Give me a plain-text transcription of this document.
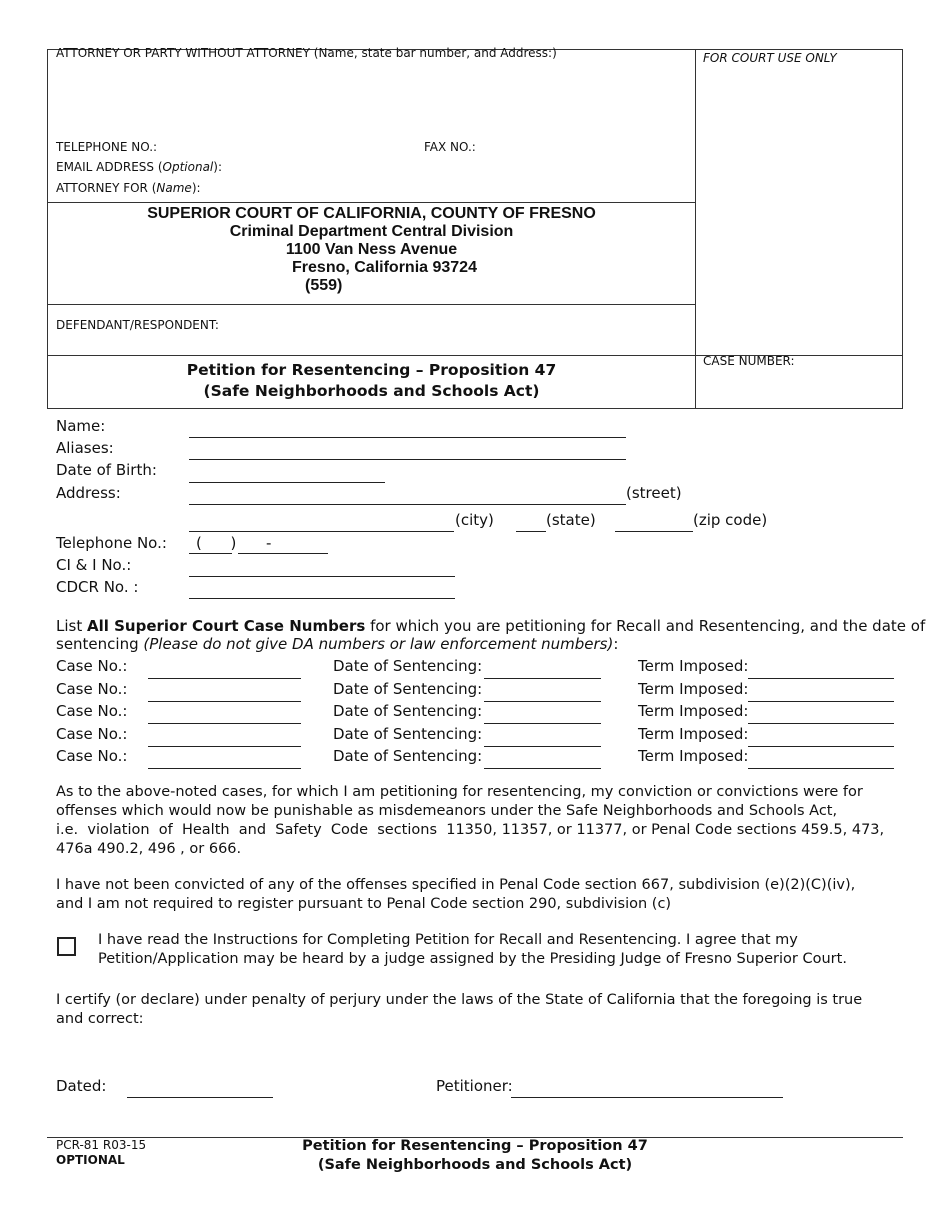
ATTORNEY OR PARTY WITHOUT ATTORNEY (Name, state bar number, and Address:)	FOR COURT USE ONLY
TELEPHONE NO.:	FAX NO.:
EMAIL ADDRESS (Optional):
ATTORNEY FOR (Name):
SUPERIOR COURT OF CALIFORNIA, COUNTY OF FRESNO
Criminal Department Central Division
1100 Van Ness Avenue
Fresno, California 93724
(559)
DEFENDANT/RESPONDENT:
Petition for Resentencing – Proposition 47
(Safe Neighborhoods and Schools Act)
CASE NUMBER:
Name:
Aliases:
Date of Birth:
Address:	(street)
(city)	(state)	(zip code)
Telephone No.: (      ) -
CI & I No.:
CDCR No. :
List All Superior Court Case Numbers for which you are petitioning for Recall and Resentencing, and the date of
sentencing (Please do not give DA numbers or law enforcement numbers):
Case No.:	Date of Sentencing:	Term Imposed:
Case No.:	Date of Sentencing:	Term Imposed:
Case No.:	Date of Sentencing:	Term Imposed:
Case No.:	Date of Sentencing:	Term Imposed:
Case No.:	Date of Sentencing:	Term Imposed:
As to the above-noted cases, for which I am petitioning for resentencing, my conviction or convictions were for
offenses which would now be punishable as misdemeanors under the Safe Neighborhoods and Schools Act,
i.e.  violation  of  Health  and  Safety  Code  sections  11350, 11357, or 11377, or Penal Code sections 459.5, 473,
476a 490.2, 496 , or 666.
I have not been convicted of any of the offenses specified in Penal Code section 667, subdivision (e)(2)(C)(iv),
and I am not required to register pursuant to Penal Code section 290, subdivision (c)
I have read the Instructions for Completing Petition for Recall and Resentencing. I agree that my
Petition/Application may be heard by a judge assigned by the Presiding Judge of Fresno Superior Court.
I certify (or declare) under penalty of perjury under the laws of the State of California that the foregoing is true
and correct:
Dated:	Petitioner:
PCR-81 R03-15
OPTIONAL
Petition for Resentencing – Proposition 47
(Safe Neighborhoods and Schools Act)
